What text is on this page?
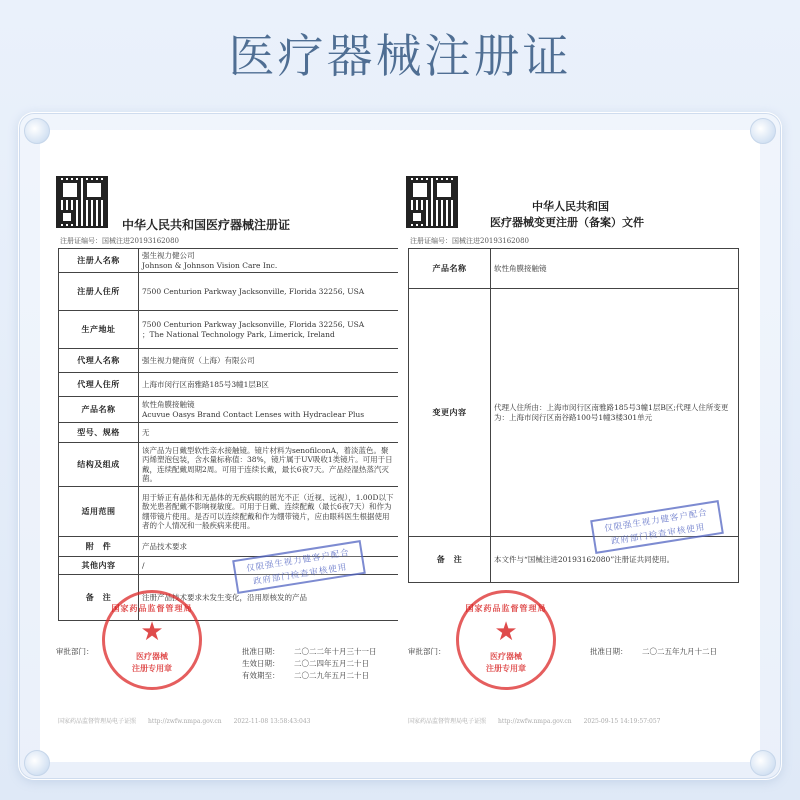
医疗器械注册证
中华人民共和国医疗器械注册证
注册证编号：国械注进20193162080
注册人名称	强生视力健公司
Johnson & Johnson Vision Care Inc.
注册人住所	7500 Centurion Parkway Jacksonville, Florida 32256, USA
生产地址	7500 Centurion Parkway Jacksonville, Florida 32256, USA
；The National Technology Park, Limerick, Ireland
代理人名称	强生视力健商贸（上海）有限公司
代理人住所	上海市闵行区南雅路185号3幢1层B区
产品名称	软性角膜接触镜
Acuvue Oasys Brand Contact Lenses with Hydraclear Plus
型号、规格	无
结构及组成	该产品为日戴型软性亲水接触镜。镜片材料为senofilconA，着淡蓝色。聚丙烯塑泡包装，含水量标称值：38%，镜片属于UV吸收1类镜片。可用于日戴，连续配戴周期2周。可用于连续长戴，最长6夜7天。产品经湿热蒸汽灭菌。
适用范围	用于矫正有晶体和无晶体的无疾病眼的屈光不正（近视、远视），1.00D以下散光患者配戴不影响视敏度。可用于日戴、连续配戴（最长6夜7天）和作为绷带镜片使用。是否可以连续配戴和作为绷带镜片，应由眼科医生根据使用者的个人情况和一般疾病来使用。
附　件	产品技术要求
其他内容	/
备　注	注册产品技术要求未发生变化，沿用原核发的产品
审批部门：	批准日期： 二〇二二年十月三十一日
生效日期： 二〇二四年五月二十日
有效期至： 二〇二九年五月二十日
国家药品监督管理局
★
医疗器械
注册专用章
仅限强生视力健客户配合
政府部门检查审核使用
国家药品监督管理局电子证照　　http://zwfw.nmpa.gov.cn　　2022-11-08 13:58:43:043
中华人民共和国
医疗器械变更注册（备案）文件
注册证编号：国械注进20193162080
产品名称	软性角膜接触镜
变更内容	代理人住所由：上海市闵行区南雅路185号3幢1层B区;代理人住所变更为：上海市闵行区南谷路100号1幢3楼301单元
备　注	本文件与“国械注进20193162080”注册证共同使用。
审批部门：	批准日期： 二〇二五年九月十二日
国家药品监督管理局
★
医疗器械
注册专用章
仅限强生视力健客户配合
政府部门检查审核使用
国家药品监督管理局电子证照　　http://zwfw.nmpa.gov.cn　　2025-09-15 14:19:57:057
